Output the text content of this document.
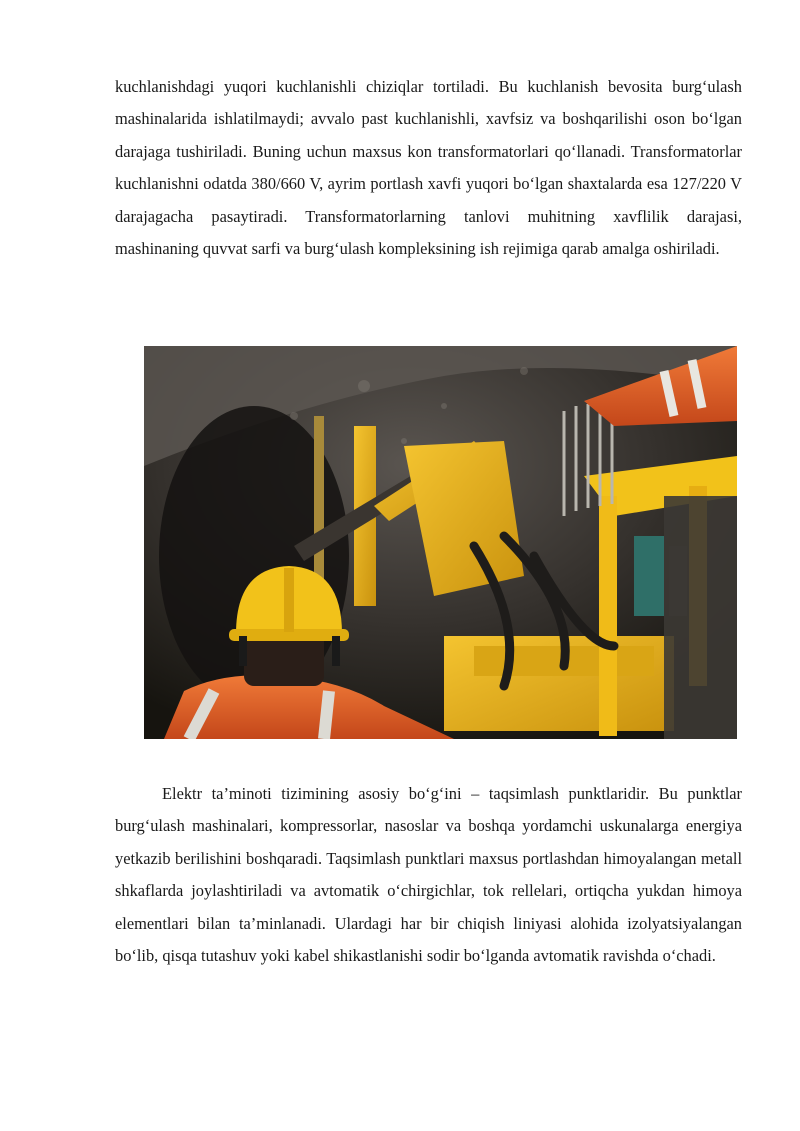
kuchlanishdagi yuqori kuchlanishli chiziqlar tortiladi. Bu kuchlanish bevosita burg‘ulash mashinalarida ishlatilmaydi; avvalo past kuchlanishli, xavfsiz va boshqarilishi oson bo‘lgan darajaga tushiriladi. Buning uchun maxsus kon transformatorlari qo‘llanadi. Transformatorlar kuchlanishni odatda 380/660 V, ayrim portlash xavfi yuqori bo‘lgan shaxtalarda esa 127/220 V darajagacha pasaytiradi. Transformatorlarning tanlovi muhitning xavflilik darajasi, mashinaning quvvat sarfi va burg‘ulash kompleksining ish rejimiga qarab amalga oshiriladi.

Elektr ta’minoti tizimining asosiy bo‘g‘ini – taqsimlash punktlaridir. Bu punktlar burg‘ulash mashinalari, kompressorlar, nasoslar va boshqa yordamchi uskunalarga energiya yetkazib berilishini boshqaradi. Taqsimlash punktlari maxsus portlashdan himoyalangan metall shkaflarda joylashtiriladi va avtomatik o‘chirgichlar, tok rellelari, ortiqcha yukdan himoya elementlari bilan ta’minlanadi. Ulardagi har bir chiqish liniyasi alohida izolyatsiyalangan bo‘lib, qisqa tutashuv yoki kabel shikastlanishi sodir bo‘lganda avtomatik ravishda o‘chadi.
